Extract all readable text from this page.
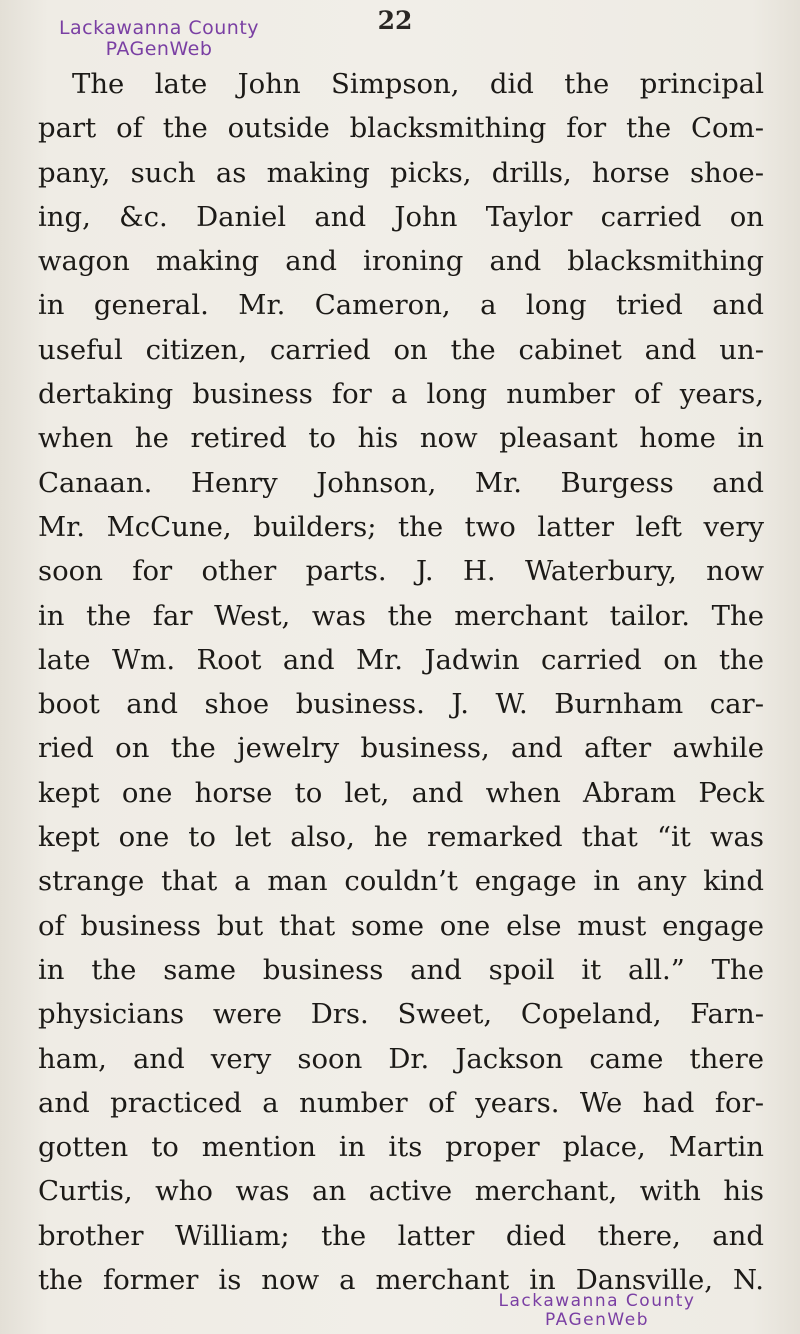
Lackawanna County
PAGenWeb
22
The late John Simpson, did the principal
part of the outside blacksmithing for the Com-
pany, such as making picks, drills, horse shoe-
ing, &c. Daniel and John Taylor carried on
wagon making and ironing and blacksmithing
in general. Mr. Cameron, a long tried and
useful citizen, carried on the cabinet and un-
dertaking business for a long number of years,
when he retired to his now pleasant home in
Canaan. Henry Johnson, Mr. Burgess and
Mr. McCune, builders; the two latter left very
soon for other parts. J. H. Waterbury, now
in the far West, was the merchant tailor. The
late Wm. Root and Mr. Jadwin carried on the
boot and shoe business. J. W. Burnham car-
ried on the jewelry business, and after awhile
kept one horse to let, and when Abram Peck
kept one to let also, he remarked that “it was
strange that a man couldn’t engage in any kind
of business but that some one else must engage
in the same business and spoil it all.” The
physicians were Drs. Sweet, Copeland, Farn-
ham, and very soon Dr. Jackson came there
and practiced a number of years. We had for-
gotten to mention in its proper place, Martin
Curtis, who was an active merchant, with his
brother William; the latter died there, and
the former is now a merchant in Dansville, N.
Lackawanna County
PAGenWeb
